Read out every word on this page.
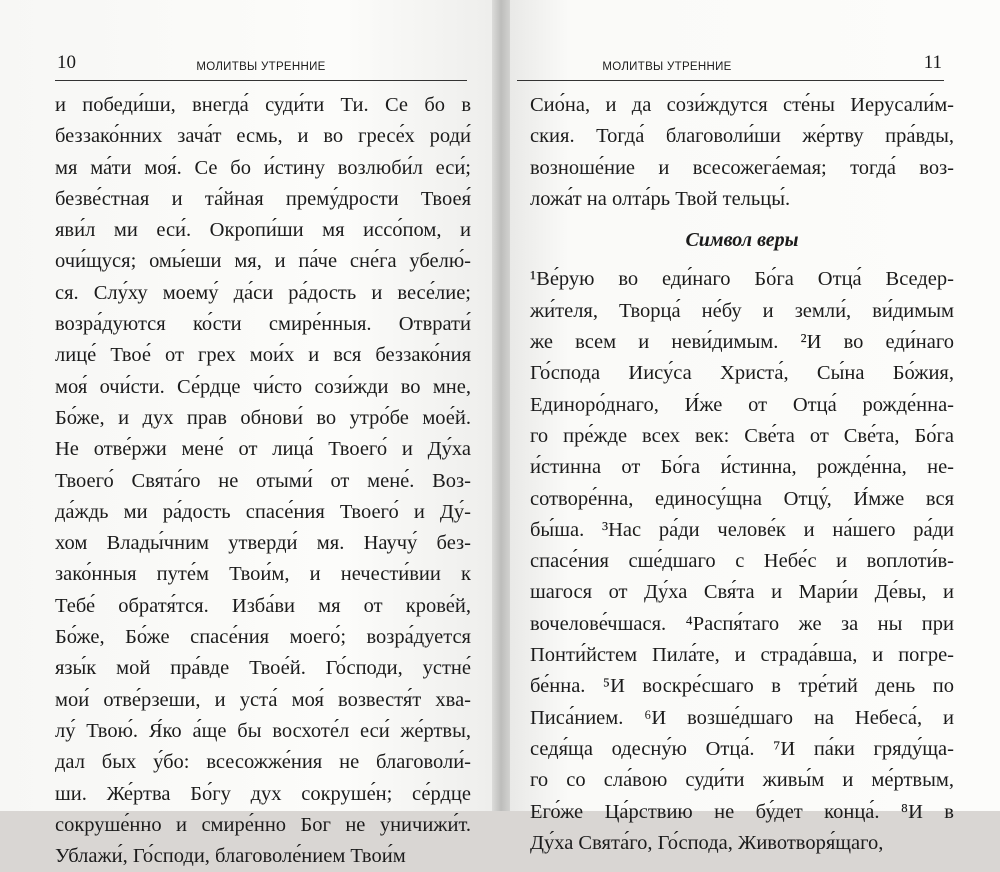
10	МОЛИТВЫ УТРЕННИЕ
и победи́ши, внегда́ суди́ти Ти. Се бо в
беззако́нних зача́т есмь, и во гресе́х роди́
мя ма́ти моя́. Се бо и́стину возлюби́л еси́;
безве́стная и та́йная прему́дрости Твоея́
яви́л ми еси́. Окропи́ши мя иссо́пом, и
очи́щуся; омы́еши мя, и па́че сне́га убелю́-
ся. Слу́ху моему́ да́си ра́дость и весе́лие;
возра́дуются ко́сти смире́нныя. Отврати́
лице́ Твое́ от грех мои́х и вся беззако́ния
моя́ очи́сти. Се́рдце чи́сто сози́жди во мне,
Бо́же, и дух прав обнови́ во утро́бе мое́й.
Не отве́ржи мене́ от лица́ Твоего́ и Ду́ха
Твоего́ Свята́го не отыми́ от мене́. Воз-
да́ждь ми ра́дость спасе́ния Твоего́ и Ду́-
хом Влады́чним утверди́ мя. Научу́ без-
зако́нныя путе́м Твои́м, и нечести́вии к
Тебе́ обратя́тся. Изба́ви мя от крове́й,
Бо́же, Бо́же спасе́ния моего́; возра́дуется
язы́к мой пра́вде Твое́й. Го́споди, устне́
мои́ отве́рзеши, и уста́ моя́ возвестя́т хва-
лу́ Твою́. Я́ко а́ще бы восхоте́л еси́ же́ртвы,
дал бых у́бо: всесожже́ния не благоволи́-
ши. Же́ртва Бо́гу дух сокруше́н; се́рдце
сокруше́нно и смире́нно Бог не уничижи́т.
Ублажи́, Го́споди, благоволе́нием Твои́м
МОЛИТВЫ УТРЕННИЕ	11
Сио́на, и да сози́ждутся сте́ны Иерусали́м-
ския. Тогда́ благоволи́ши же́ртву пра́вды,
возноше́ние и всесожега́емая; тогда́ воз-
ложа́т на олта́рь Твой тельцы́.
Символ веры
¹Ве́рую во еди́наго Бо́га Отца́ Вседер-
жи́теля, Творца́ не́бу и земли́, ви́димым
же всем и неви́димым. ²И во еди́наго
Го́спода Иису́са Христа́, Сы́на Бо́жия,
Единоро́днаго, И́же от Отца́ рожде́нна-
го пре́жде всех век: Све́та от Све́та, Бо́га
и́стинна от Бо́га и́стинна, рожде́нна, не-
сотворе́нна, единосу́щна Отцу́, И́мже вся
бы́ша. ³Нас ра́ди челове́к и на́шего ра́ди
спасе́ния сше́дшаго с Небе́с и воплоти́в-
шагося от Ду́ха Свя́та и Мари́и Де́вы, и
вочелове́чшася. ⁴Распя́таго же за ны при
Понти́йстем Пила́те, и страда́вша, и погре-
бе́нна. ⁵И воскре́сшаго в тре́тий день по
Писа́нием. ⁶И возше́дшаго на Небеса́, и
седя́ща одесну́ю Отца́. ⁷И па́ки гряду́ща-
го со сла́вою суди́ти живы́м и ме́ртвым,
Его́же Ца́рствию не бу́дет конца́. ⁸И в
Ду́ха Свята́го, Го́спода, Животворя́щаго,
